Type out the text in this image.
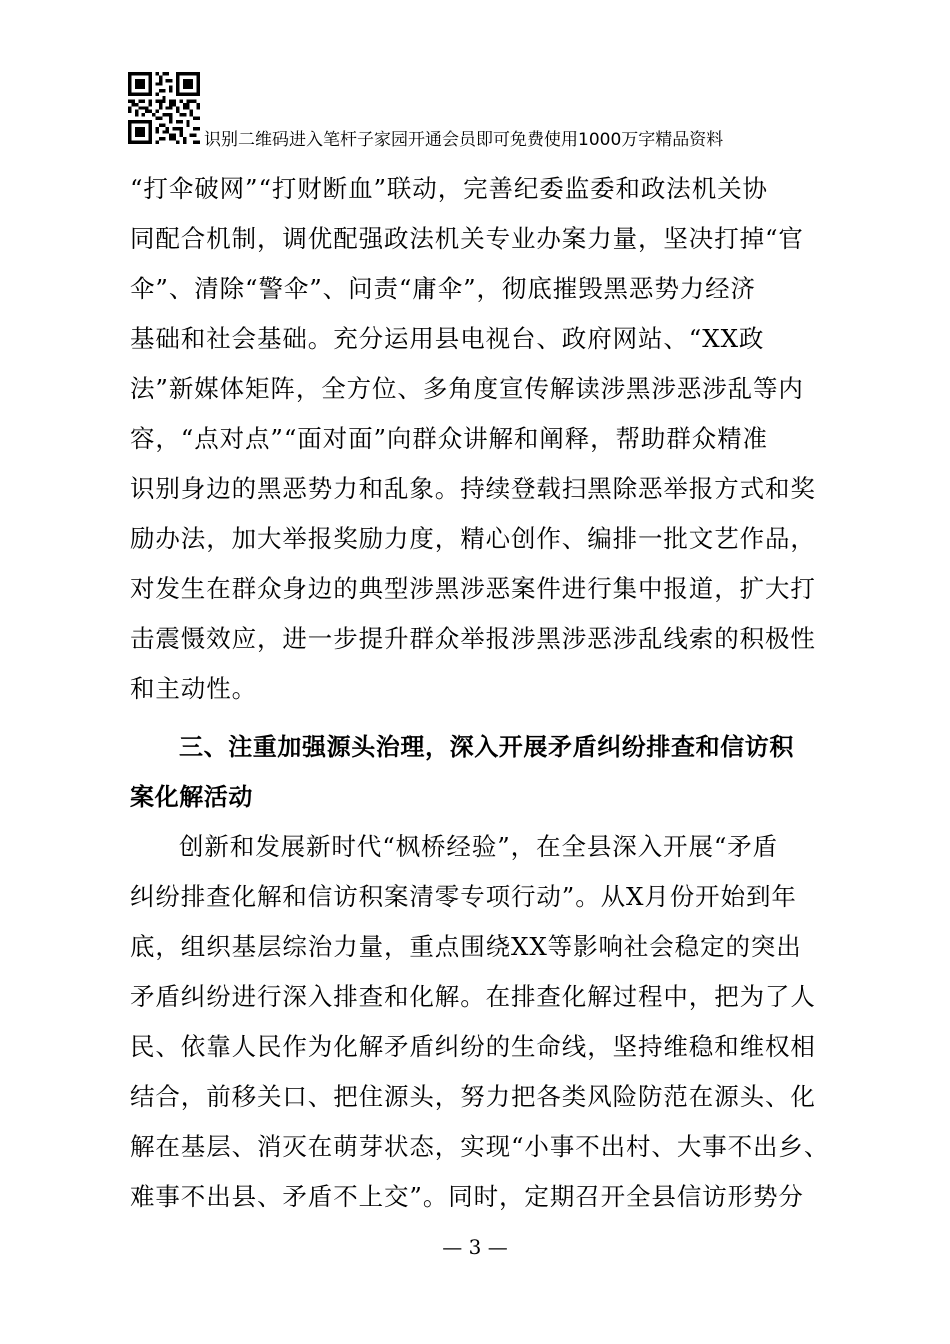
识别二维码进入笔杆子家园开通会员即可免费使用1000万字精品资料
“打伞破网”“打财断血”联动，完善纪委监委和政法机关协
同配合机制，调优配强政法机关专业办案力量，坚决打掉“官
伞”、清除“警伞”、问责“庸伞”，彻底摧毁黑恶势力经济
基础和社会基础。充分运用县电视台、政府网站、“XX政
法”新媒体矩阵，全方位、多角度宣传解读涉黑涉恶涉乱等内
容，“点对点”“面对面”向群众讲解和阐释，帮助群众精准
识别身边的黑恶势力和乱象。持续登载扫黑除恶举报方式和奖
励办法，加大举报奖励力度，精心创作、编排一批文艺作品，
对发生在群众身边的典型涉黑涉恶案件进行集中报道，扩大打
击震慑效应，进一步提升群众举报涉黑涉恶涉乱线索的积极性
和主动性。
三、注重加强源头治理，深入开展矛盾纠纷排查和信访积
案化解活动
创新和发展新时代“枫桥经验”，在全县深入开展“矛盾
纠纷排查化解和信访积案清零专项行动”。从X月份开始到年
底，组织基层综治力量，重点围绕XX等影响社会稳定的突出
矛盾纠纷进行深入排查和化解。在排查化解过程中，把为了人
民、依靠人民作为化解矛盾纠纷的生命线，坚持维稳和维权相
结合，前移关口、把住源头，努力把各类风险防范在源头、化
解在基层、消灭在萌芽状态，实现“小事不出村、大事不出乡、
难事不出县、矛盾不上交”。同时，定期召开全县信访形势分
— 3 —
